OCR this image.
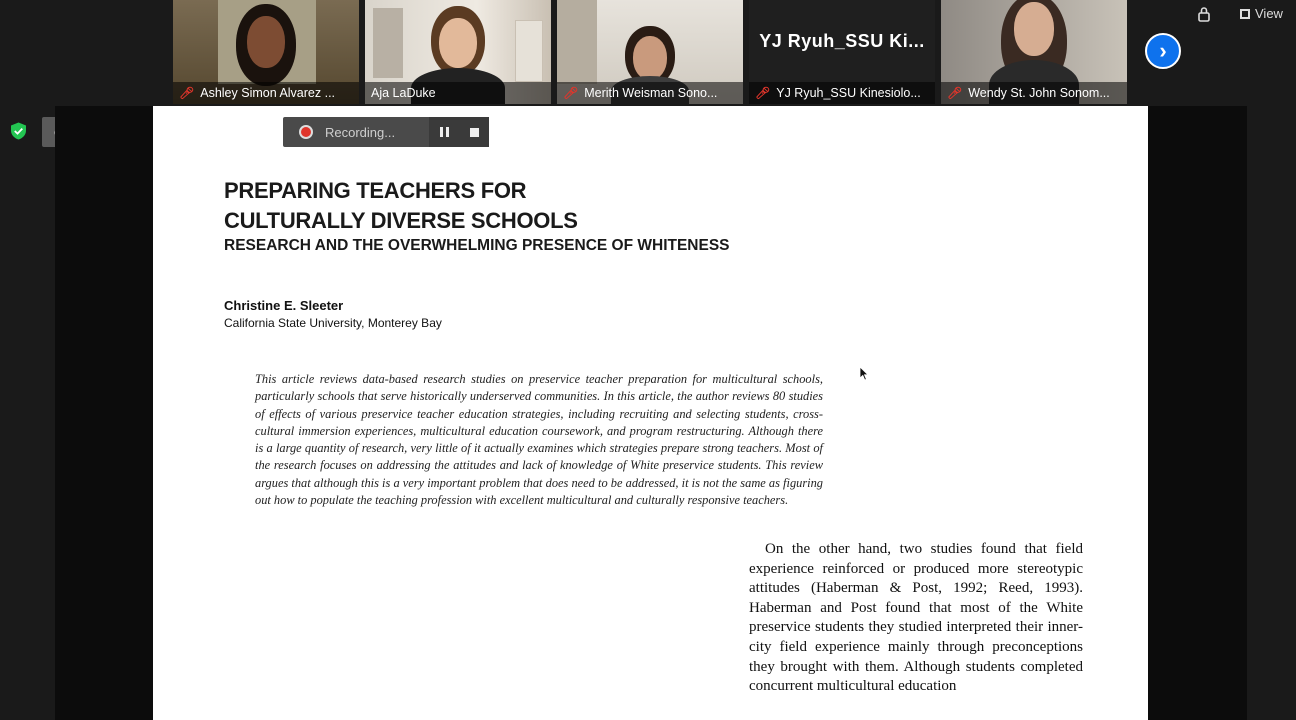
🎤︎ Ashley Simon Alvarez ...	Aja LaDuke	🎤︎ Merith Weisman Sono...
YJ Ryuh_SSU Ki...
🎤︎ YJ Ryuh_SSU Kinesiolo... 🎤︎ Wendy St. John Sonom...
›
View
PREPARING TEACHERS FOR
CULTURALLY DIVERSE SCHOOLS
RESEARCH AND THE OVERWHELMING PRESENCE OF WHITENESS
Christine E. Sleeter
California State University, Monterey Bay
This article reviews data-based research studies on preservice teacher preparation for multicultural schools, particularly schools that serve historically underserved communities. In this article, the author reviews 80 studies of effects of various preservice teacher education strategies, including recruiting and selecting students, cross-cultural immersion experiences, multicultural education coursework, and program restructuring. Although there is a large quantity of research, very little of it actually examines which strategies prepare strong teachers. Most of the research focuses on addressing the attitudes and lack of knowledge of White preservice students. This review argues that although this is a very important problem that does need to be addressed, it is not the same as figuring out how to populate the teaching profession with excellent multicultural and culturally responsive teachers.
On the other hand, two studies found that field experience reinforced or produced more stereotypic attitudes (Haberman & Post, 1992; Reed, 1993). Haberman and Post found that most of the White preservice students they studied interpreted their inner-city field experience mainly through preconceptions they brought with them. Although students completed concurrent multicultural education
Recording...
